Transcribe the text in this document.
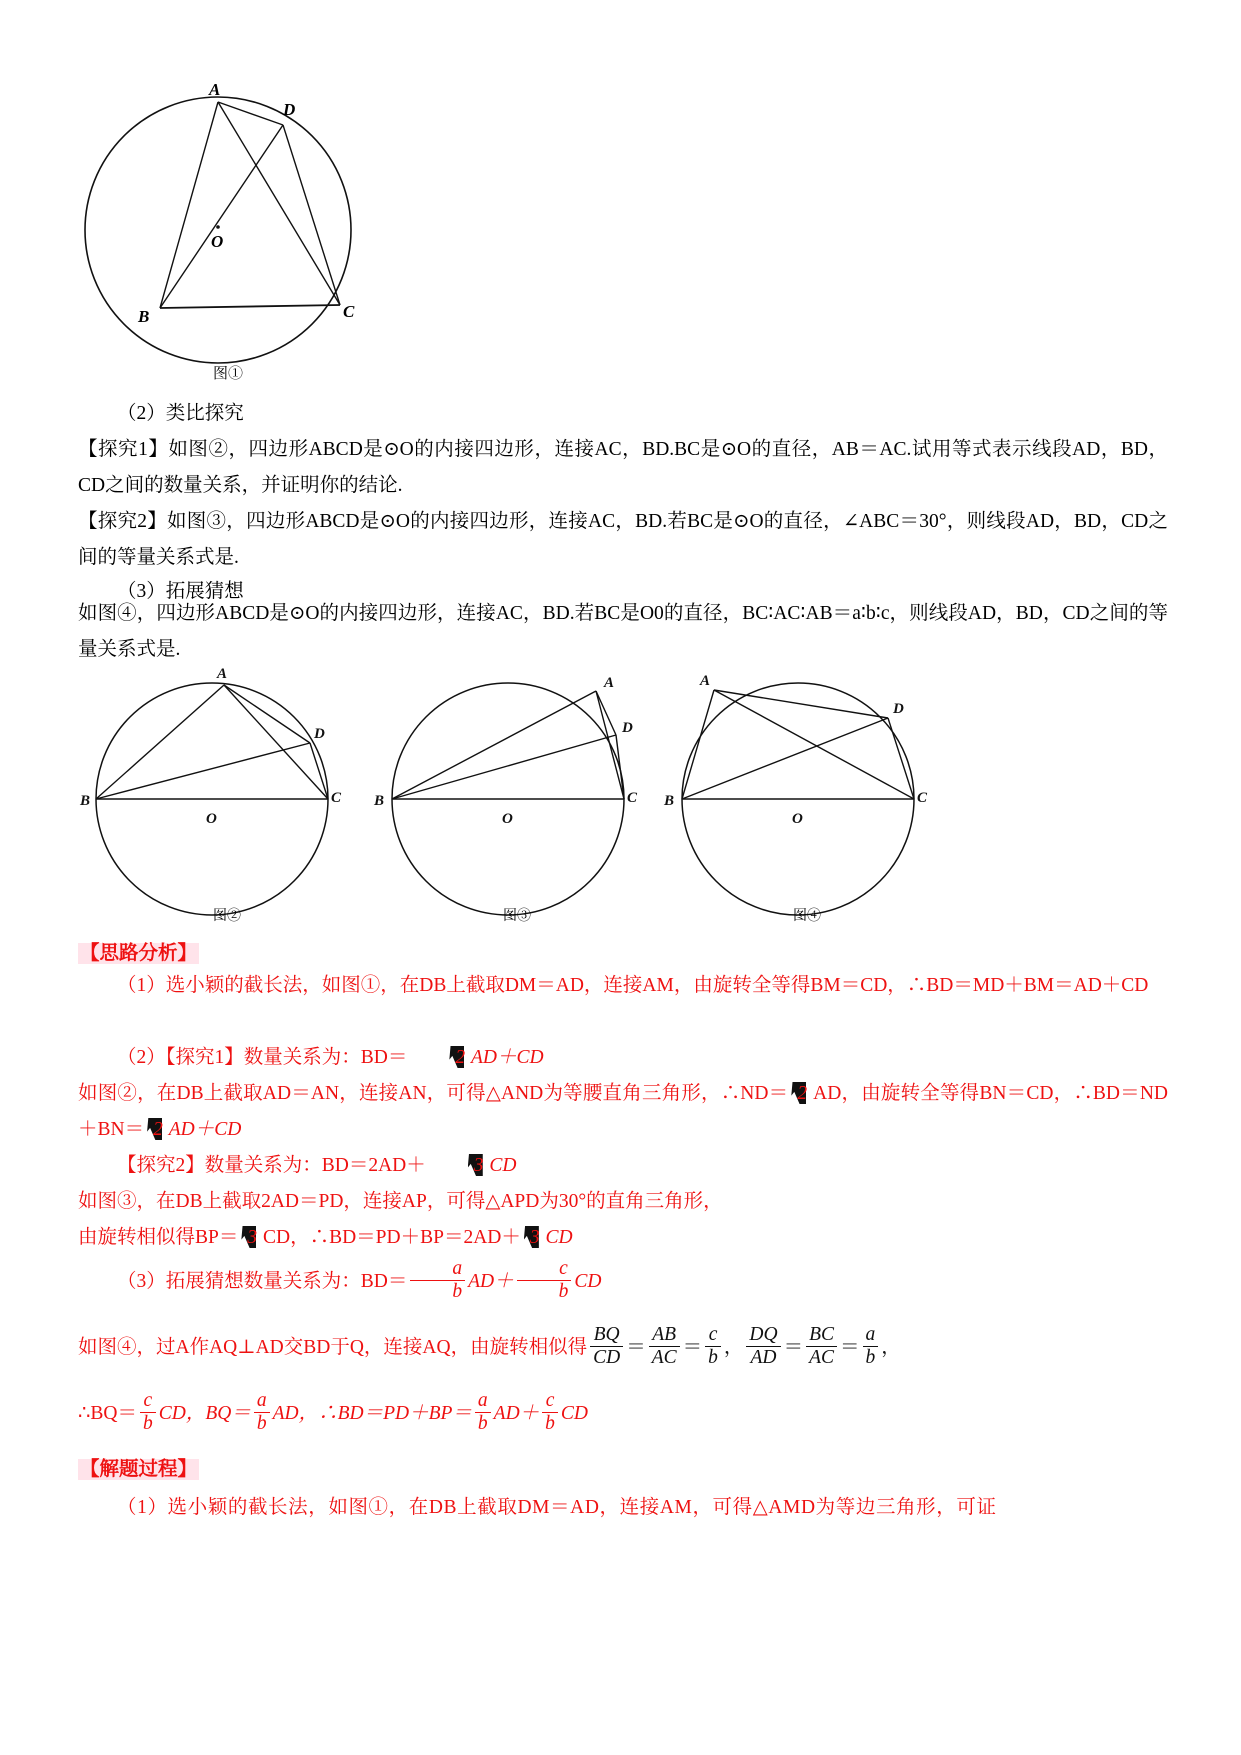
A
D
B	C
O
图①
（2）类比探究
【探究1】如图②，四边形ABCD是⊙O的内接四边形，连接AC，BD.BC是⊙O的直径，AB＝AC.试用等式表示线段AD，BD，CD之间的数量关系，并证明你的结论.
【探究2】如图③，四边形ABCD是⊙O的内接四边形，连接AC，BD.若BC是⊙O的直径，∠ABC＝30°，则线段AD，BD，CD之间的等量关系式是.
（3）拓展猜想
如图④，四边形ABCD是⊙O的内接四边形，连接AC，BD.若BC是O0的直径，BC∶AC∶AB＝a∶b∶c，则线段AD，BD，CD之间的等量关系式是.
A
D
B	C
O
A
D
B	C
O
A
D
B	C
O
图②	图③	图④
【思路分析】
（1）选小颖的截长法，如图①，在DB上截取DM＝AD，连接AM，由旋转全等得BM＝CD，∴BD＝MD＋BM＝AD＋CD
（2）【探究1】数量关系为：BD＝ 2 AD＋CD
如图②，在DB上截取AD＝AN，连接AN，可得△AND为等腰直角三角形，∴ND＝ 2 AD，由旋转全等得BN＝CD，∴BD＝ND＋BN＝ 2 AD＋CD
【探究2】数量关系为：BD＝2AD＋ 3 CD
如图③，在DB上截取2AD＝PD，连接AP，可得△APD为30°的直角三角形，
由旋转相似得BP＝ 3 CD，∴BD＝PD＋BP＝2AD＋ 3 CD
（3）拓展猜想数量关系为：$BD= \frac{a}{b} AD+ \frac{c}{b}$ CD
如图④，过A作AQ⊥AD交BD于Q，连接AQ，由旋转相似得 $\frac{BQ}{CD} = \frac{AB}{AC} = \frac{c}{b}$ ， $\frac{DQ}{AD} = \frac{BC}{AC} = \frac{a}{b}$ ，
∴BQ＝ $\frac{c}{b}$ CD，$BQ= \frac{a}{b}$ AD，∴BD＝PD＋BP＝ $\frac{a}{b} AD+ \frac{c}{b}$ CD
【解题过程】
（1）选小颖的截长法，如图①，在DB上截取DM＝AD，连接AM，可得△AMD为等边三角形，可证
